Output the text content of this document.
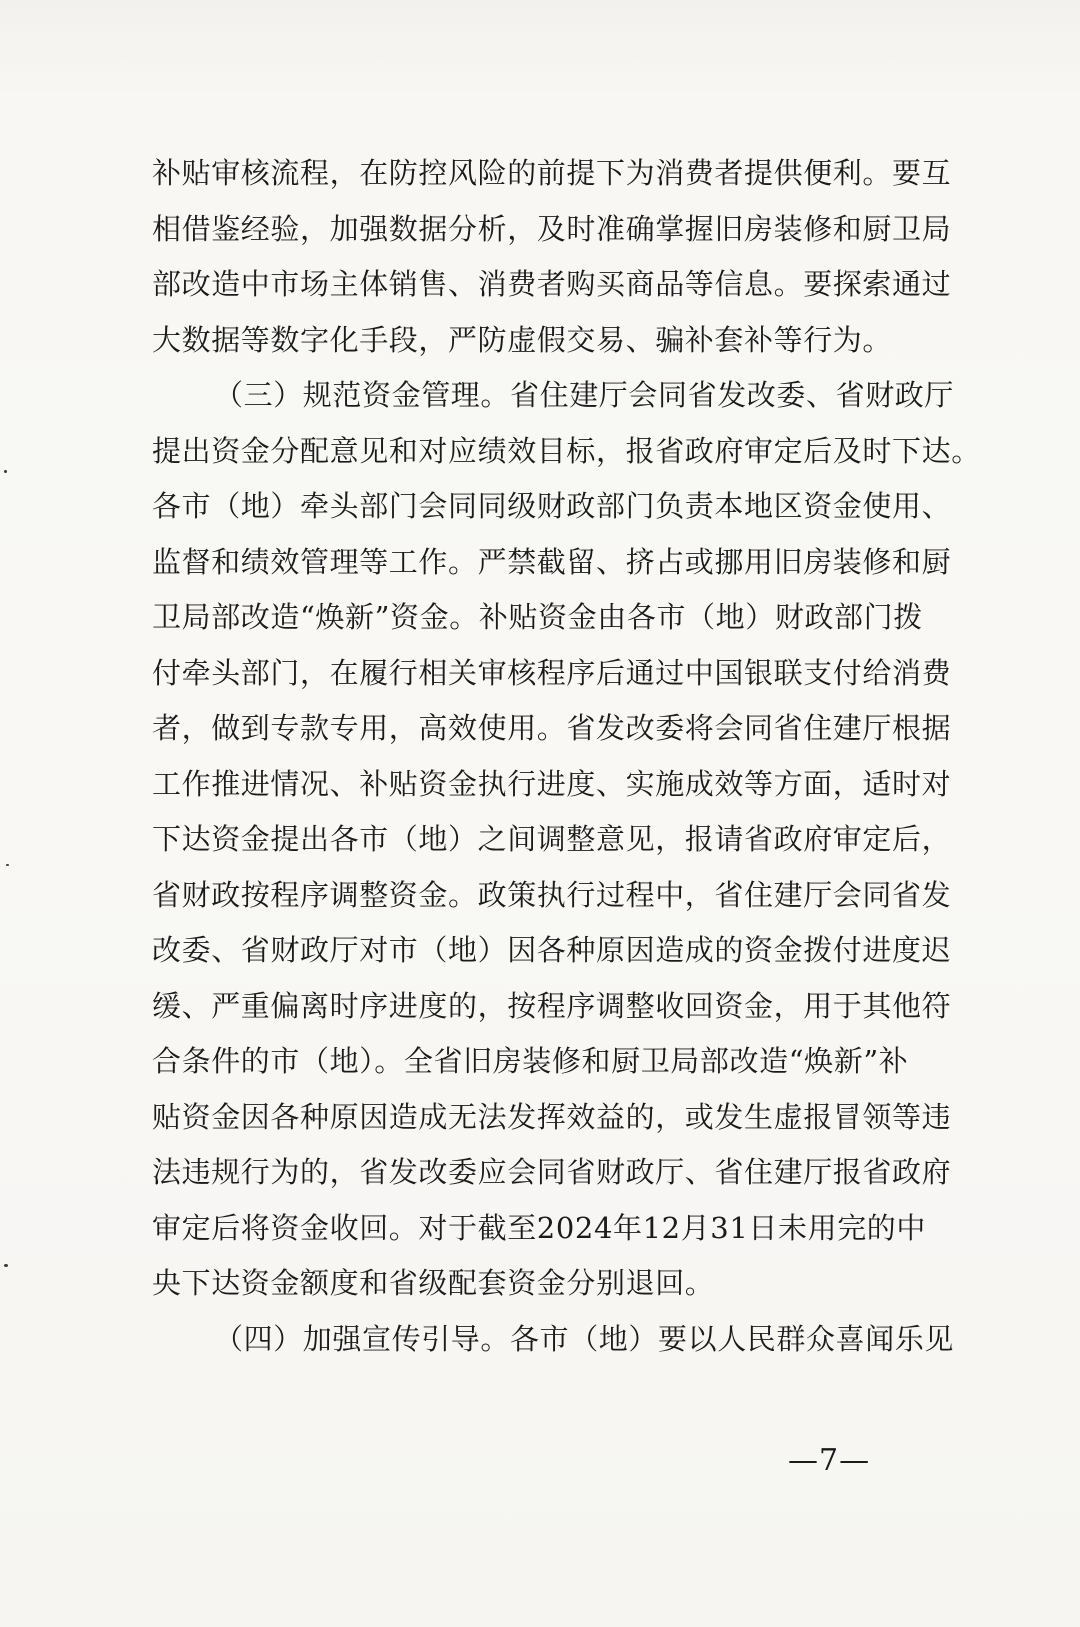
补贴审核流程，在防控风险的前提下为消费者提供便利。要互
相借鉴经验，加强数据分析，及时准确掌握旧房装修和厨卫局
部改造中市场主体销售、消费者购买商品等信息。要探索通过
大数据等数字化手段，严防虚假交易、骗补套补等行为。
（三）规范资金管理。省住建厅会同省发改委、省财政厅
提出资金分配意见和对应绩效目标，报省政府审定后及时下达。
各市（地）牵头部门会同同级财政部门负责本地区资金使用、
监督和绩效管理等工作。严禁截留、挤占或挪用旧房装修和厨
卫局部改造“焕新”资金。补贴资金由各市（地）财政部门拨
付牵头部门，在履行相关审核程序后通过中国银联支付给消费
者，做到专款专用，高效使用。省发改委将会同省住建厅根据
工作推进情况、补贴资金执行进度、实施成效等方面，适时对
下达资金提出各市（地）之间调整意见，报请省政府审定后，
省财政按程序调整资金。政策执行过程中，省住建厅会同省发
改委、省财政厅对市（地）因各种原因造成的资金拨付进度迟
缓、严重偏离时序进度的，按程序调整收回资金，用于其他符
合条件的市（地）。全省旧房装修和厨卫局部改造“焕新”补
贴资金因各种原因造成无法发挥效益的，或发生虚报冒领等违
法违规行为的，省发改委应会同省财政厅、省住建厅报省政府
审定后将资金收回。对于截至2024年12月31日未用完的中
央下达资金额度和省级配套资金分别退回。
（四）加强宣传引导。各市（地）要以人民群众喜闻乐见
—7—
